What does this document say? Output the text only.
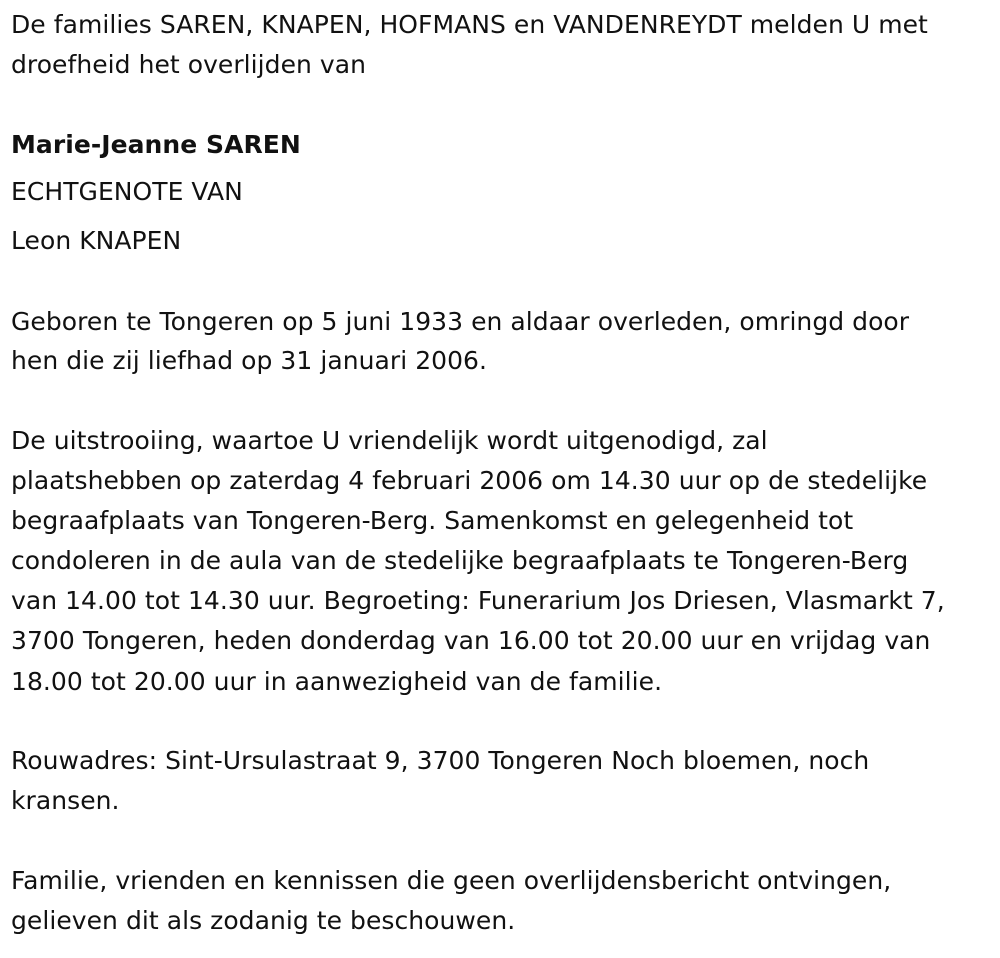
De families SAREN, KNAPEN, HOFMANS en VANDENREYDT melden U met
droefheid het overlijden van
Marie-Jeanne SAREN
ECHTGENOTE VAN
Leon KNAPEN
Geboren te Tongeren op 5 juni 1933 en aldaar overleden, omringd door
hen die zij liefhad op 31 januari 2006.
De uitstrooiing, waartoe U vriendelijk wordt uitgenodigd, zal
plaatshebben op zaterdag 4 februari 2006 om 14.30 uur op de stedelijke
begraafplaats van Tongeren-Berg. Samenkomst en gelegenheid tot
condoleren in de aula van de stedelijke begraafplaats te Tongeren-Berg
van 14.00 tot 14.30 uur. Begroeting: Funerarium Jos Driesen, Vlasmarkt 7,
3700 Tongeren, heden donderdag van 16.00 tot 20.00 uur en vrijdag van
18.00 tot 20.00 uur in aanwezigheid van de familie.
Rouwadres: Sint-Ursulastraat 9, 3700 Tongeren Noch bloemen, noch
kransen.
Familie, vrienden en kennissen die geen overlijdensbericht ontvingen,
gelieven dit als zodanig te beschouwen.
